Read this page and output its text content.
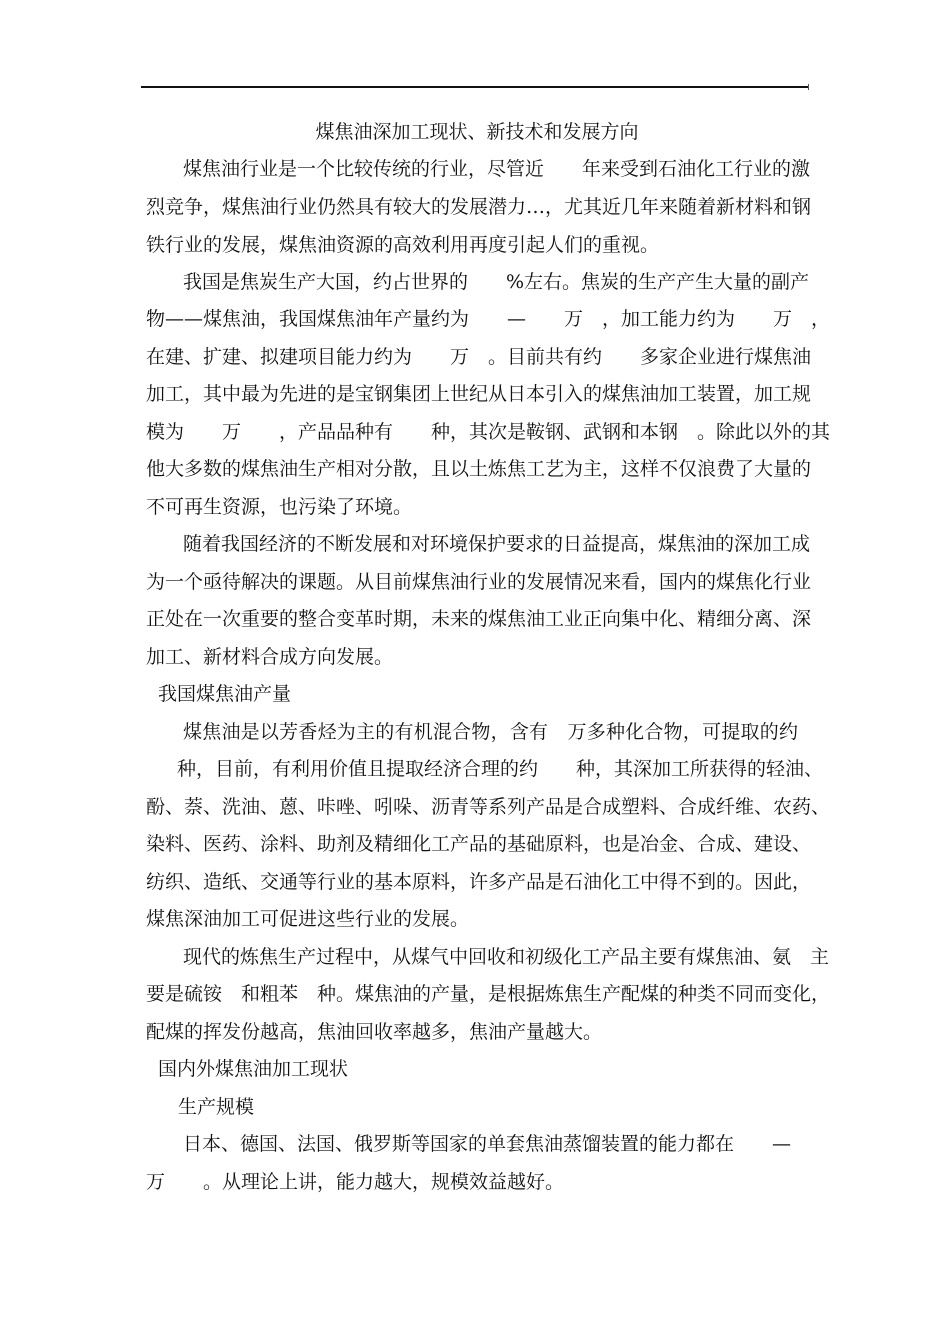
煤焦油深加工现状、新技术和发展方向
煤焦油行业是一个比较传统的行业，尽管近　　年来受到石油化工行业的激
烈竞争，煤焦油行业仍然具有较大的发展潜力…，尤其近几年来随着新材料和钢
铁行业的发展，煤焦油资源的高效利用再度引起人们的重视。
我国是焦炭生产大国，约占世界的　　%左右。焦炭的生产产生大量的副产
物——煤焦油，我国煤焦油年产量约为　　—　　万　，加工能力约为　　万　，
在建、扩建、拟建项目能力约为　　万　。目前共有约　　多家企业进行煤焦油
加工，其中最为先进的是宝钢集团上世纪从日本引入的煤焦油加工装置，加工规
模为　　万　　，产品品种有　　种，其次是鞍钢、武钢和本钢　。除此以外的其
他大多数的煤焦油生产相对分散，且以土炼焦工艺为主，这样不仅浪费了大量的
不可再生资源，也污染了环境。
随着我国经济的不断发展和对环境保护要求的日益提高，煤焦油的深加工成
为一个亟待解决的课题。从目前煤焦油行业的发展情况来看，国内的煤焦化行业
正处在一次重要的整合变革时期，未来的煤焦油工业正向集中化、精细分离、深
加工、新材料合成方向发展。
我国煤焦油产量
煤焦油是以芳香烃为主的有机混合物，含有　万多种化合物，可提取的约
种，目前，有利用价值且提取经济合理的约　　种，其深加工所获得的轻油、
酚、萘、洗油、蒽、咔唑、吲哚、沥青等系列产品是合成塑料、合成纤维、农药、
染料、医药、涂料、助剂及精细化工产品的基础原料，也是冶金、合成、建设、
纺织、造纸、交通等行业的基本原料，许多产品是石油化工中得不到的。因此，
煤焦深油加工可促进这些行业的发展。
现代的炼焦生产过程中，从煤气中回收和初级化工产品主要有煤焦油、氨　主
要是硫铵　和粗苯　种。煤焦油的产量，是根据炼焦生产配煤的种类不同而变化，
配煤的挥发份越高，焦油回收率越多，焦油产量越大。
国内外煤焦油加工现状
生产规模
日本、德国、法国、俄罗斯等国家的单套焦油蒸馏装置的能力都在　　—
万　　。从理论上讲，能力越大，规模效益越好。
